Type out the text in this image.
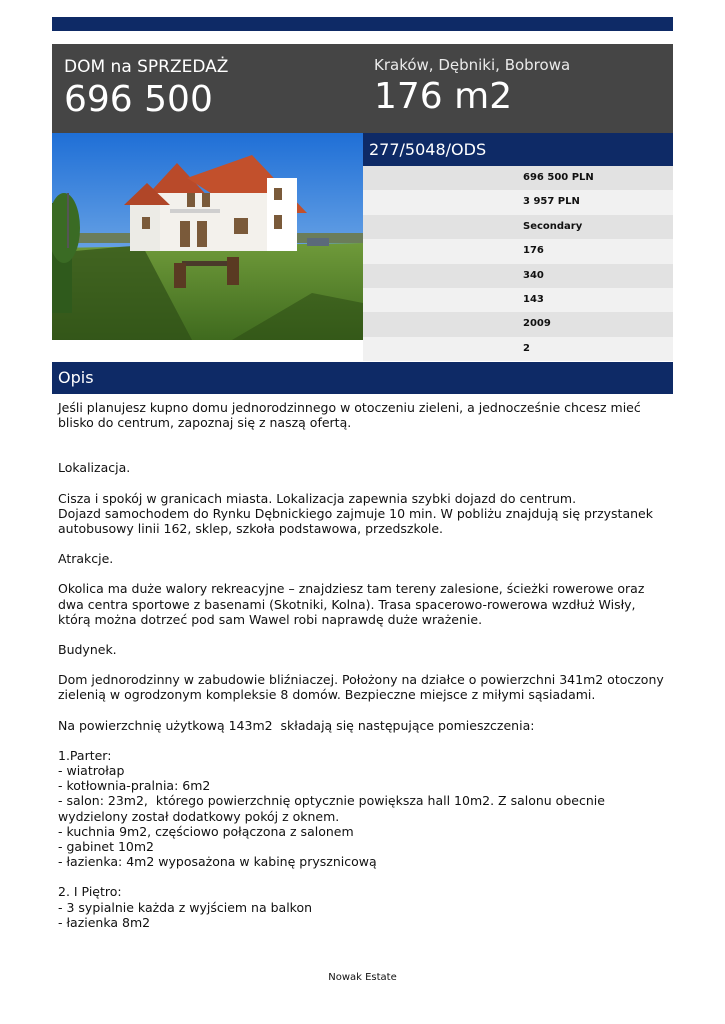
DOM na SPRZEDAŻ
696 500
Kraków, Dębniki, Bobrowa
176 m2
277/5048/ODS
696 500 PLN
3 957 PLN
Secondary
176
340
143
2009
2
Opis

Jeśli planujesz kupno domu jednorodzinnego w otoczeniu zieleni, a jednocześnie chcesz mieć blisko do centrum, zapoznaj się z naszą ofertą.

Lokalizacja.

Cisza i spokój w granicach miasta. Lokalizacja zapewnia szybki dojazd do centrum.
Dojazd samochodem do Rynku Dębnickiego zajmuje 10 min. W pobliżu znajdują się przystanek autobusowy linii 162, sklep, szkoła podstawowa, przedszkole.

Atrakcje.

Okolica ma duże walory rekreacyjne – znajdziesz tam tereny zalesione, ścieżki rowerowe oraz dwa centra sportowe z basenami (Skotniki, Kolna). Trasa spacerowo-rowerowa wzdłuż Wisły, którą można dotrzeć pod sam Wawel robi naprawdę duże wrażenie.

Budynek.

Dom jednorodzinny w zabudowie bliźniaczej. Położony na działce o powierzchni 341m2 otoczony zielenią w ogrodzonym kompleksie 8 domów. Bezpieczne miejsce z miłymi sąsiadami.

Na powierzchnię użytkową 143m2  składają się następujące pomieszczenia:

1.Parter:
- wiatrołap
- kotłownia-pralnia: 6m2
- salon: 23m2,  którego powierzchnię optycznie powiększa hall 10m2. Z salonu obecnie wydzielony został dodatkowy pokój z oknem.
- kuchnia 9m2, częściowo połączona z salonem
- gabinet 10m2
- łazienka: 4m2 wyposażona w kabinę prysznicową

2. I Piętro:
- 3 sypialnie każda z wyjściem na balkon
- łazienka 8m2

Nowak Estate
